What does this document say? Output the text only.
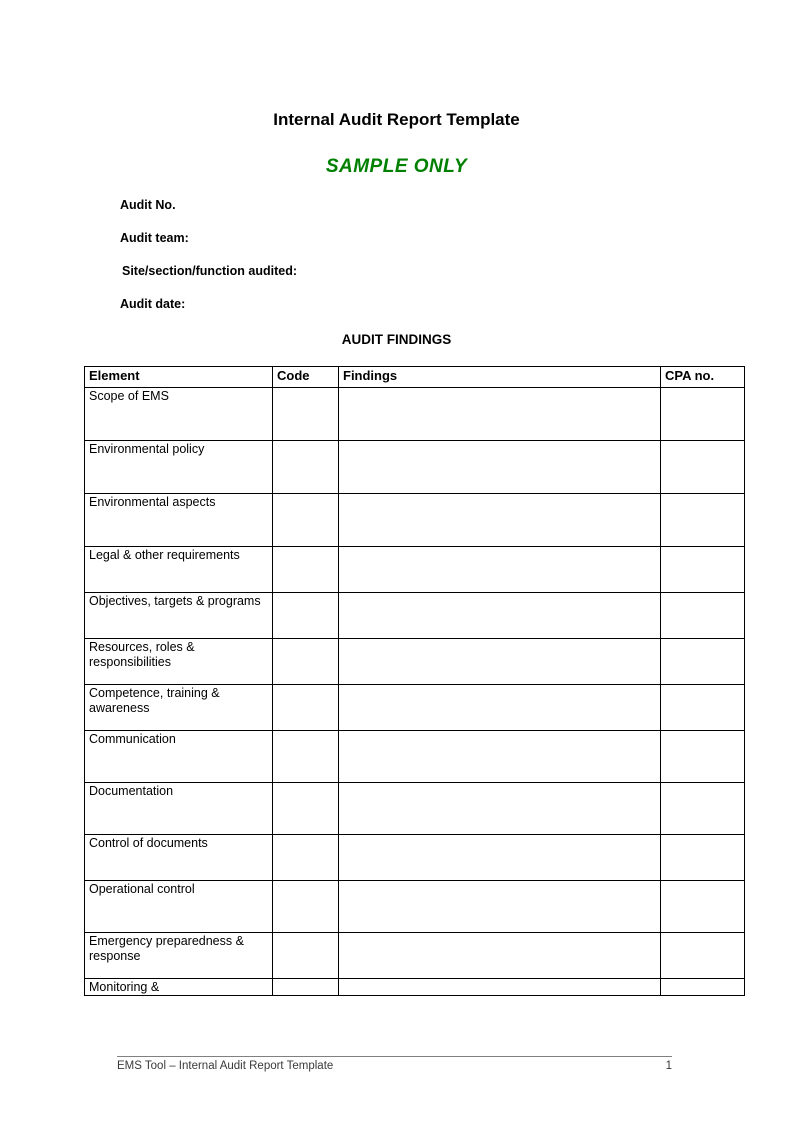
Internal Audit Report Template
SAMPLE ONLY
Audit No.
Audit team:
Site/section/function audited:
Audit date:
AUDIT FINDINGS
Element	Code	Findings	CPA no.
Scope of EMS			
Environmental policy			
Environmental aspects			
Legal & other requirements			
Objectives, targets & programs			
Resources, roles & responsibilities			
Competence, training & awareness			
Communication			
Documentation			
Control of documents			
Operational control			
Emergency preparedness & response			
Monitoring &			
EMS Tool – Internal Audit Report Template	1
